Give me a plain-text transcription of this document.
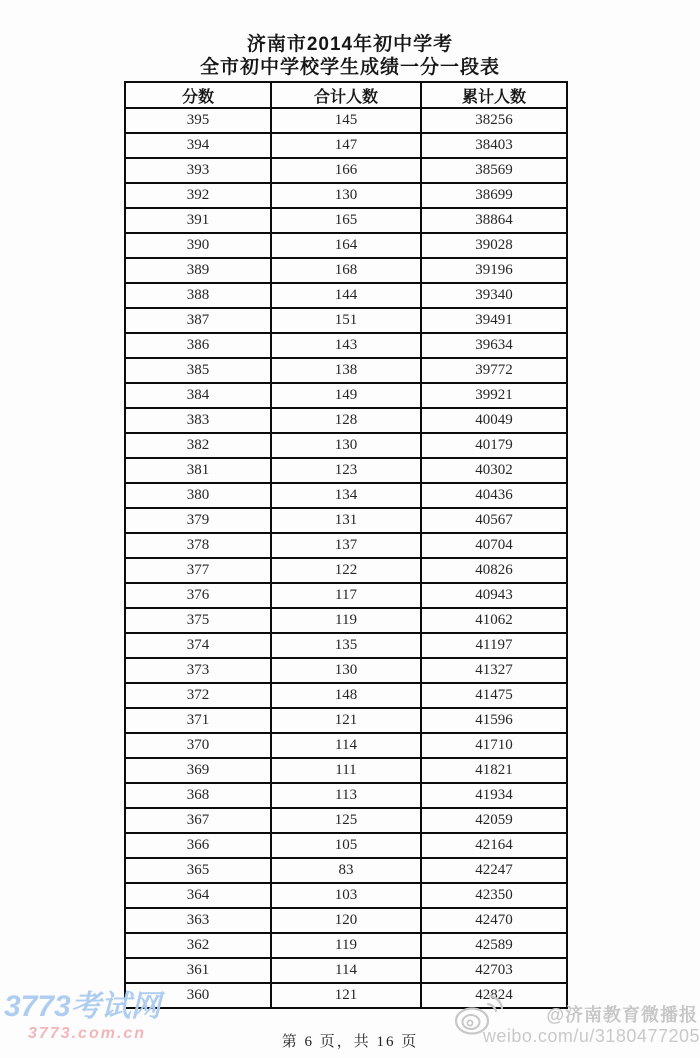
济南市2014年初中学考
全市初中学校学生成绩一分一段表
分数	合计人数	累计人数
395	145	38256
394	147	38403
393	166	38569
392	130	38699
391	165	38864
390	164	39028
389	168	39196
388	144	39340
387	151	39491
386	143	39634
385	138	39772
384	149	39921
383	128	40049
382	130	40179
381	123	40302
380	134	40436
379	131	40567
378	137	40704
377	122	40826
376	117	40943
375	119	41062
374	135	41197
373	130	41327
372	148	41475
371	121	41596
370	114	41710
369	111	41821
368	113	41934
367	125	42059
366	105	42164
365	83	42247
364	103	42350
363	120	42470
362	119	42589
361	114	42703
360	121	42824
第 6 页，共 16 页
3773考试网
3773.com.cn
@济南教育微播报
weibo.com/u/3180477205
